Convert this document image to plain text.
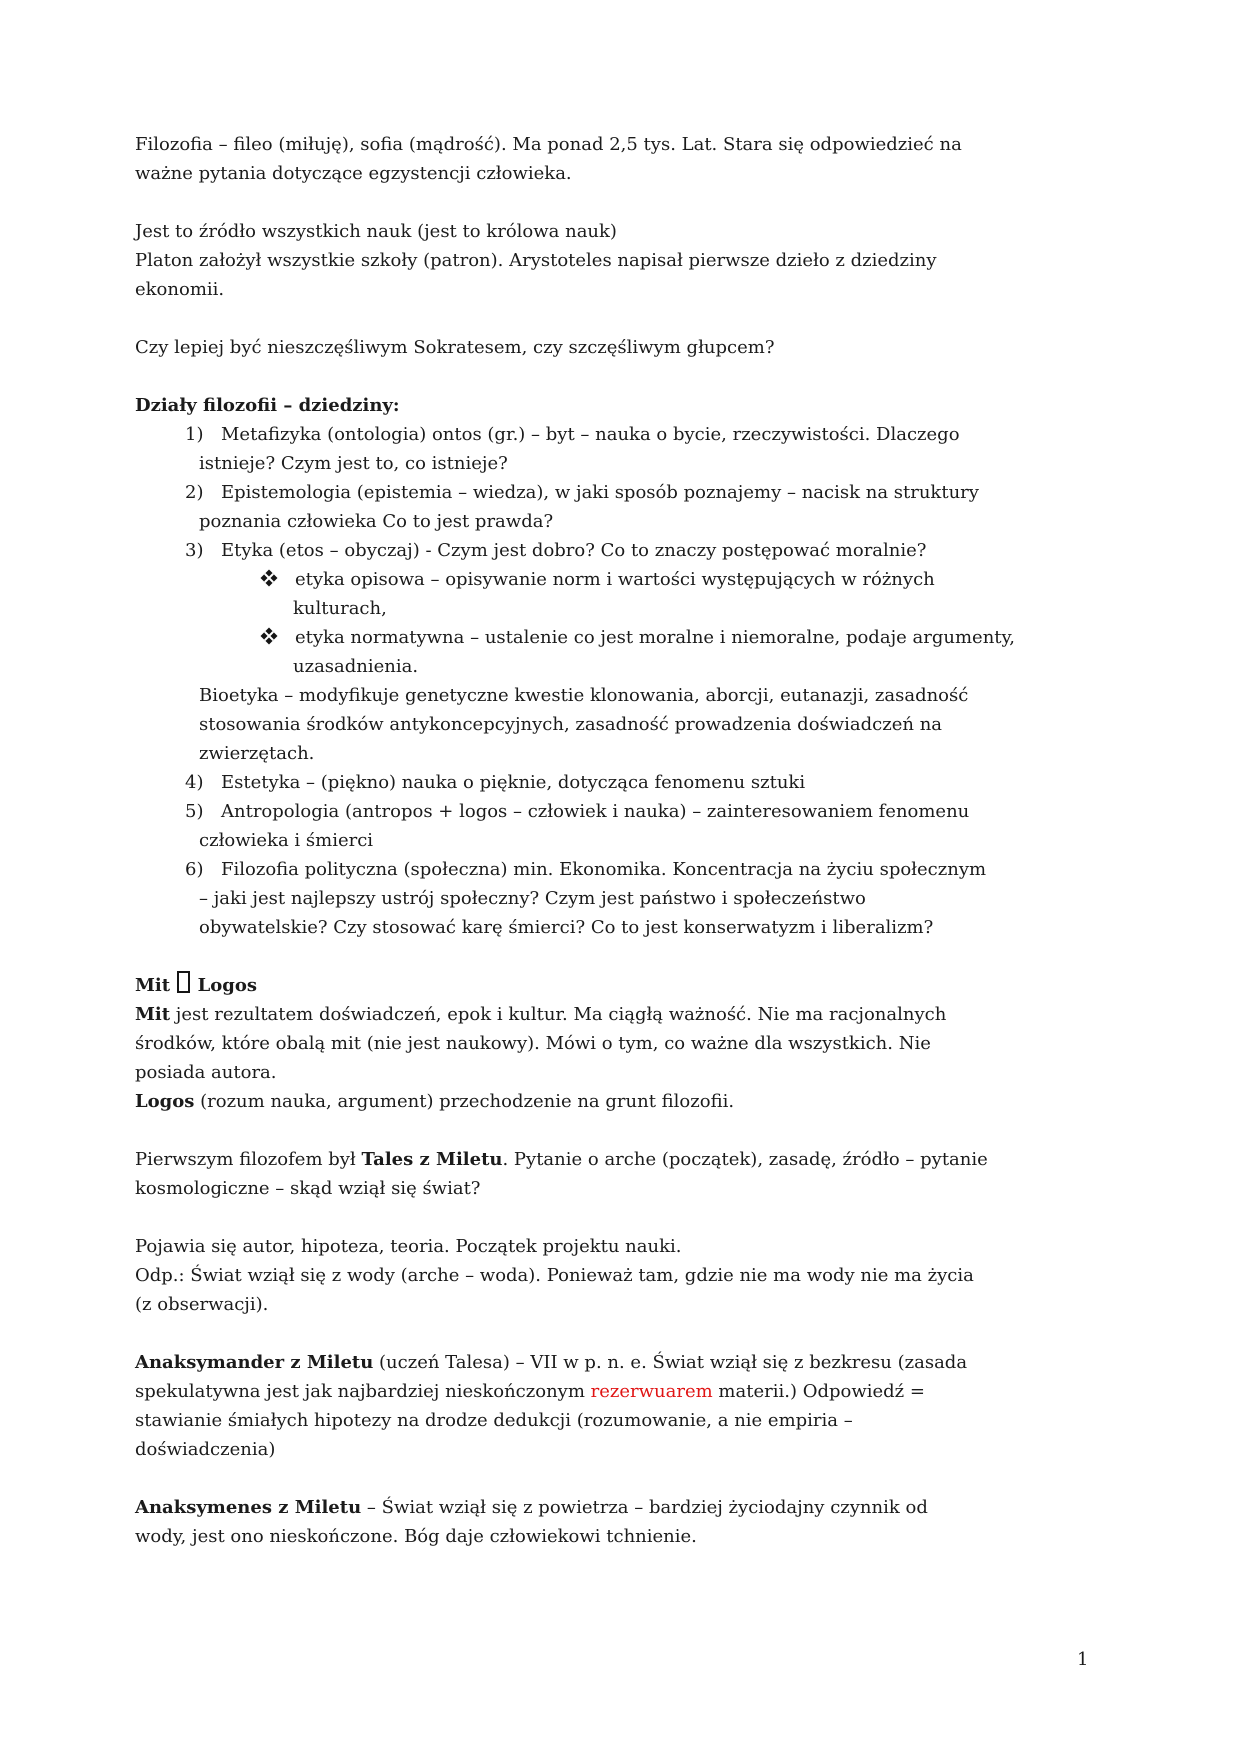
Filozofia – fileo (miłuję), sofia (mądrość). Ma ponad 2,5 tys. Lat. Stara się odpowiedzieć na
ważne pytania dotyczące egzystencji człowieka.
Jest to źródło wszystkich nauk (jest to królowa nauk)
Platon założył wszystkie szkoły (patron). Arystoteles napisał pierwsze dzieło z dziedziny
ekonomii.
Czy lepiej być nieszczęśliwym Sokratesem, czy szczęśliwym głupcem?
Działy filozofii – dziedziny:
1) Metafizyka (ontologia) ontos (gr.) – byt – nauka o bycie, rzeczywistości. Dlaczego
istnieje? Czym jest to, co istnieje?
2) Epistemologia (epistemia – wiedza), w jaki sposób poznajemy – nacisk na struktury
poznania człowieka Co to jest prawda?
3) Etyka (etos – obyczaj) - Czym jest dobro? Co to znaczy postępować moralnie?
etyka opisowa – opisywanie norm i wartości występujących w różnych
kulturach,
etyka normatywna – ustalenie co jest moralne i niemoralne, podaje argumenty,
uzasadnienia.
Bioetyka – modyfikuje genetyczne kwestie klonowania, aborcji, eutanazji, zasadność
stosowania środków antykoncepcyjnych, zasadność prowadzenia doświadczeń na
zwierzętach.
4) Estetyka – (piękno) nauka o pięknie, dotycząca fenomenu sztuki
5) Antropologia (antropos + logos – człowiek i nauka) – zainteresowaniem fenomenu
człowieka i śmierci
6) Filozofia polityczna (społeczna) min. Ekonomika. Koncentracja na życiu społecznym
– jaki jest najlepszy ustrój społeczny? Czym jest państwo i społeczeństwo
obywatelskie? Czy stosować karę śmierci? Co to jest konserwatyzm i liberalizm?
Mit  Logos
Mit jest rezultatem doświadczeń, epok i kultur. Ma ciągłą ważność. Nie ma racjonalnych
środków, które obalą mit (nie jest naukowy). Mówi o tym, co ważne dla wszystkich. Nie
posiada autora.
Logos (rozum nauka, argument) przechodzenie na grunt filozofii.
Pierwszym filozofem był Tales z Miletu. Pytanie o arche (początek), zasadę, źródło – pytanie
kosmologiczne – skąd wziął się świat?
Pojawia się autor, hipoteza, teoria. Początek projektu nauki.
Odp.: Świat wziął się z wody (arche – woda). Ponieważ tam, gdzie nie ma wody nie ma życia
(z obserwacji).
Anaksymander z Miletu (uczeń Talesa) – VII w p. n. e. Świat wziął się z bezkresu (zasada
spekulatywna jest jak najbardziej nieskończonym rezerwuarem materii.) Odpowiedź =
stawianie śmiałych hipotezy na drodze dedukcji (rozumowanie, a nie empiria –
doświadczenia)
Anaksymenes z Miletu – Świat wziął się z powietrza – bardziej życiodajny czynnik od
wody, jest ono nieskończone. Bóg daje człowiekowi tchnienie.
1
